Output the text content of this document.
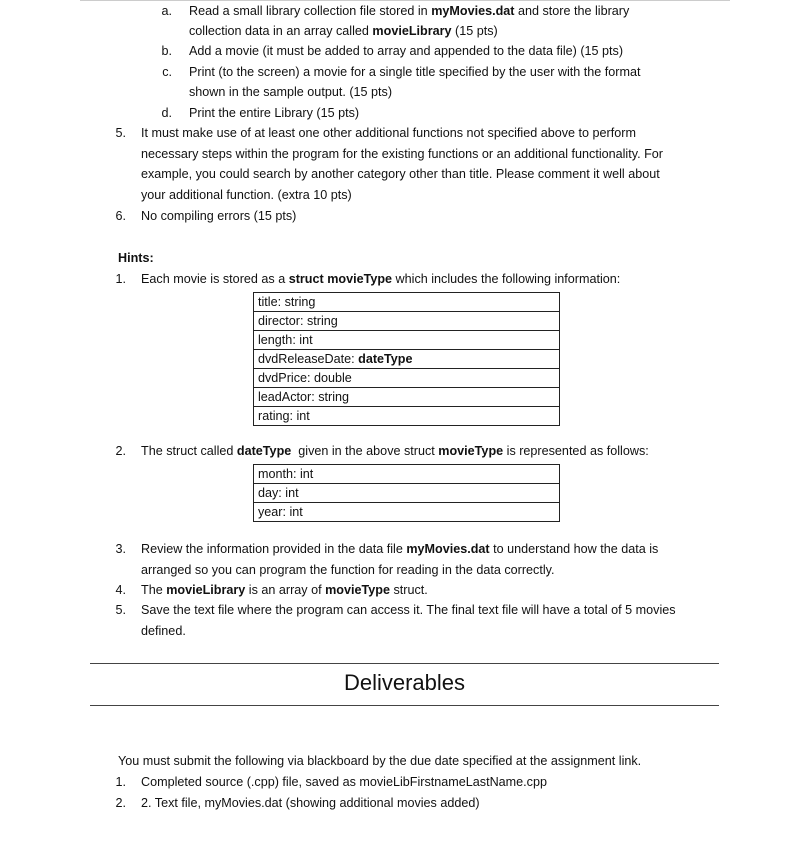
a. Read a small library collection file stored in myMovies.dat and store the library
collection data in an array called movieLibrary (15 pts)
b. Add a movie (it must be added to array and appended to the data file) (15 pts)
c. Print (to the screen) a movie for a single title specified by the user with the format
shown in the sample output. (15 pts)
d. Print the entire Library (15 pts)
5. It must make use of at least one other additional functions not specified above to perform
necessary steps within the program for the existing functions or an additional functionality. For
example, you could search by another category other than title. Please comment it well about
your additional function. (extra 10 pts)
6. No compiling errors (15 pts)
Hints:
1. Each movie is stored as a struct movieType which includes the following information:
title: string
director: string
length: int
dvdReleaseDate: dateType
dvdPrice: double
leadActor: string
rating: int
2. The struct called dateType  given in the above struct movieType is represented as follows:
month: int
day: int
year: int
3. Review the information provided in the data file myMovies.dat to understand how the data is
arranged so you can program the function for reading in the data correctly.
4. The movieLibrary is an array of movieType struct.
5. Save the text file where the program can access it. The final text file will have a total of 5 movies
defined.
Deliverables
You must submit the following via blackboard by the due date specified at the assignment link.
1. Completed source (.cpp) file, saved as movieLibFirstnameLastName.cpp
2. 2. Text file, myMovies.dat (showing additional movies added)
